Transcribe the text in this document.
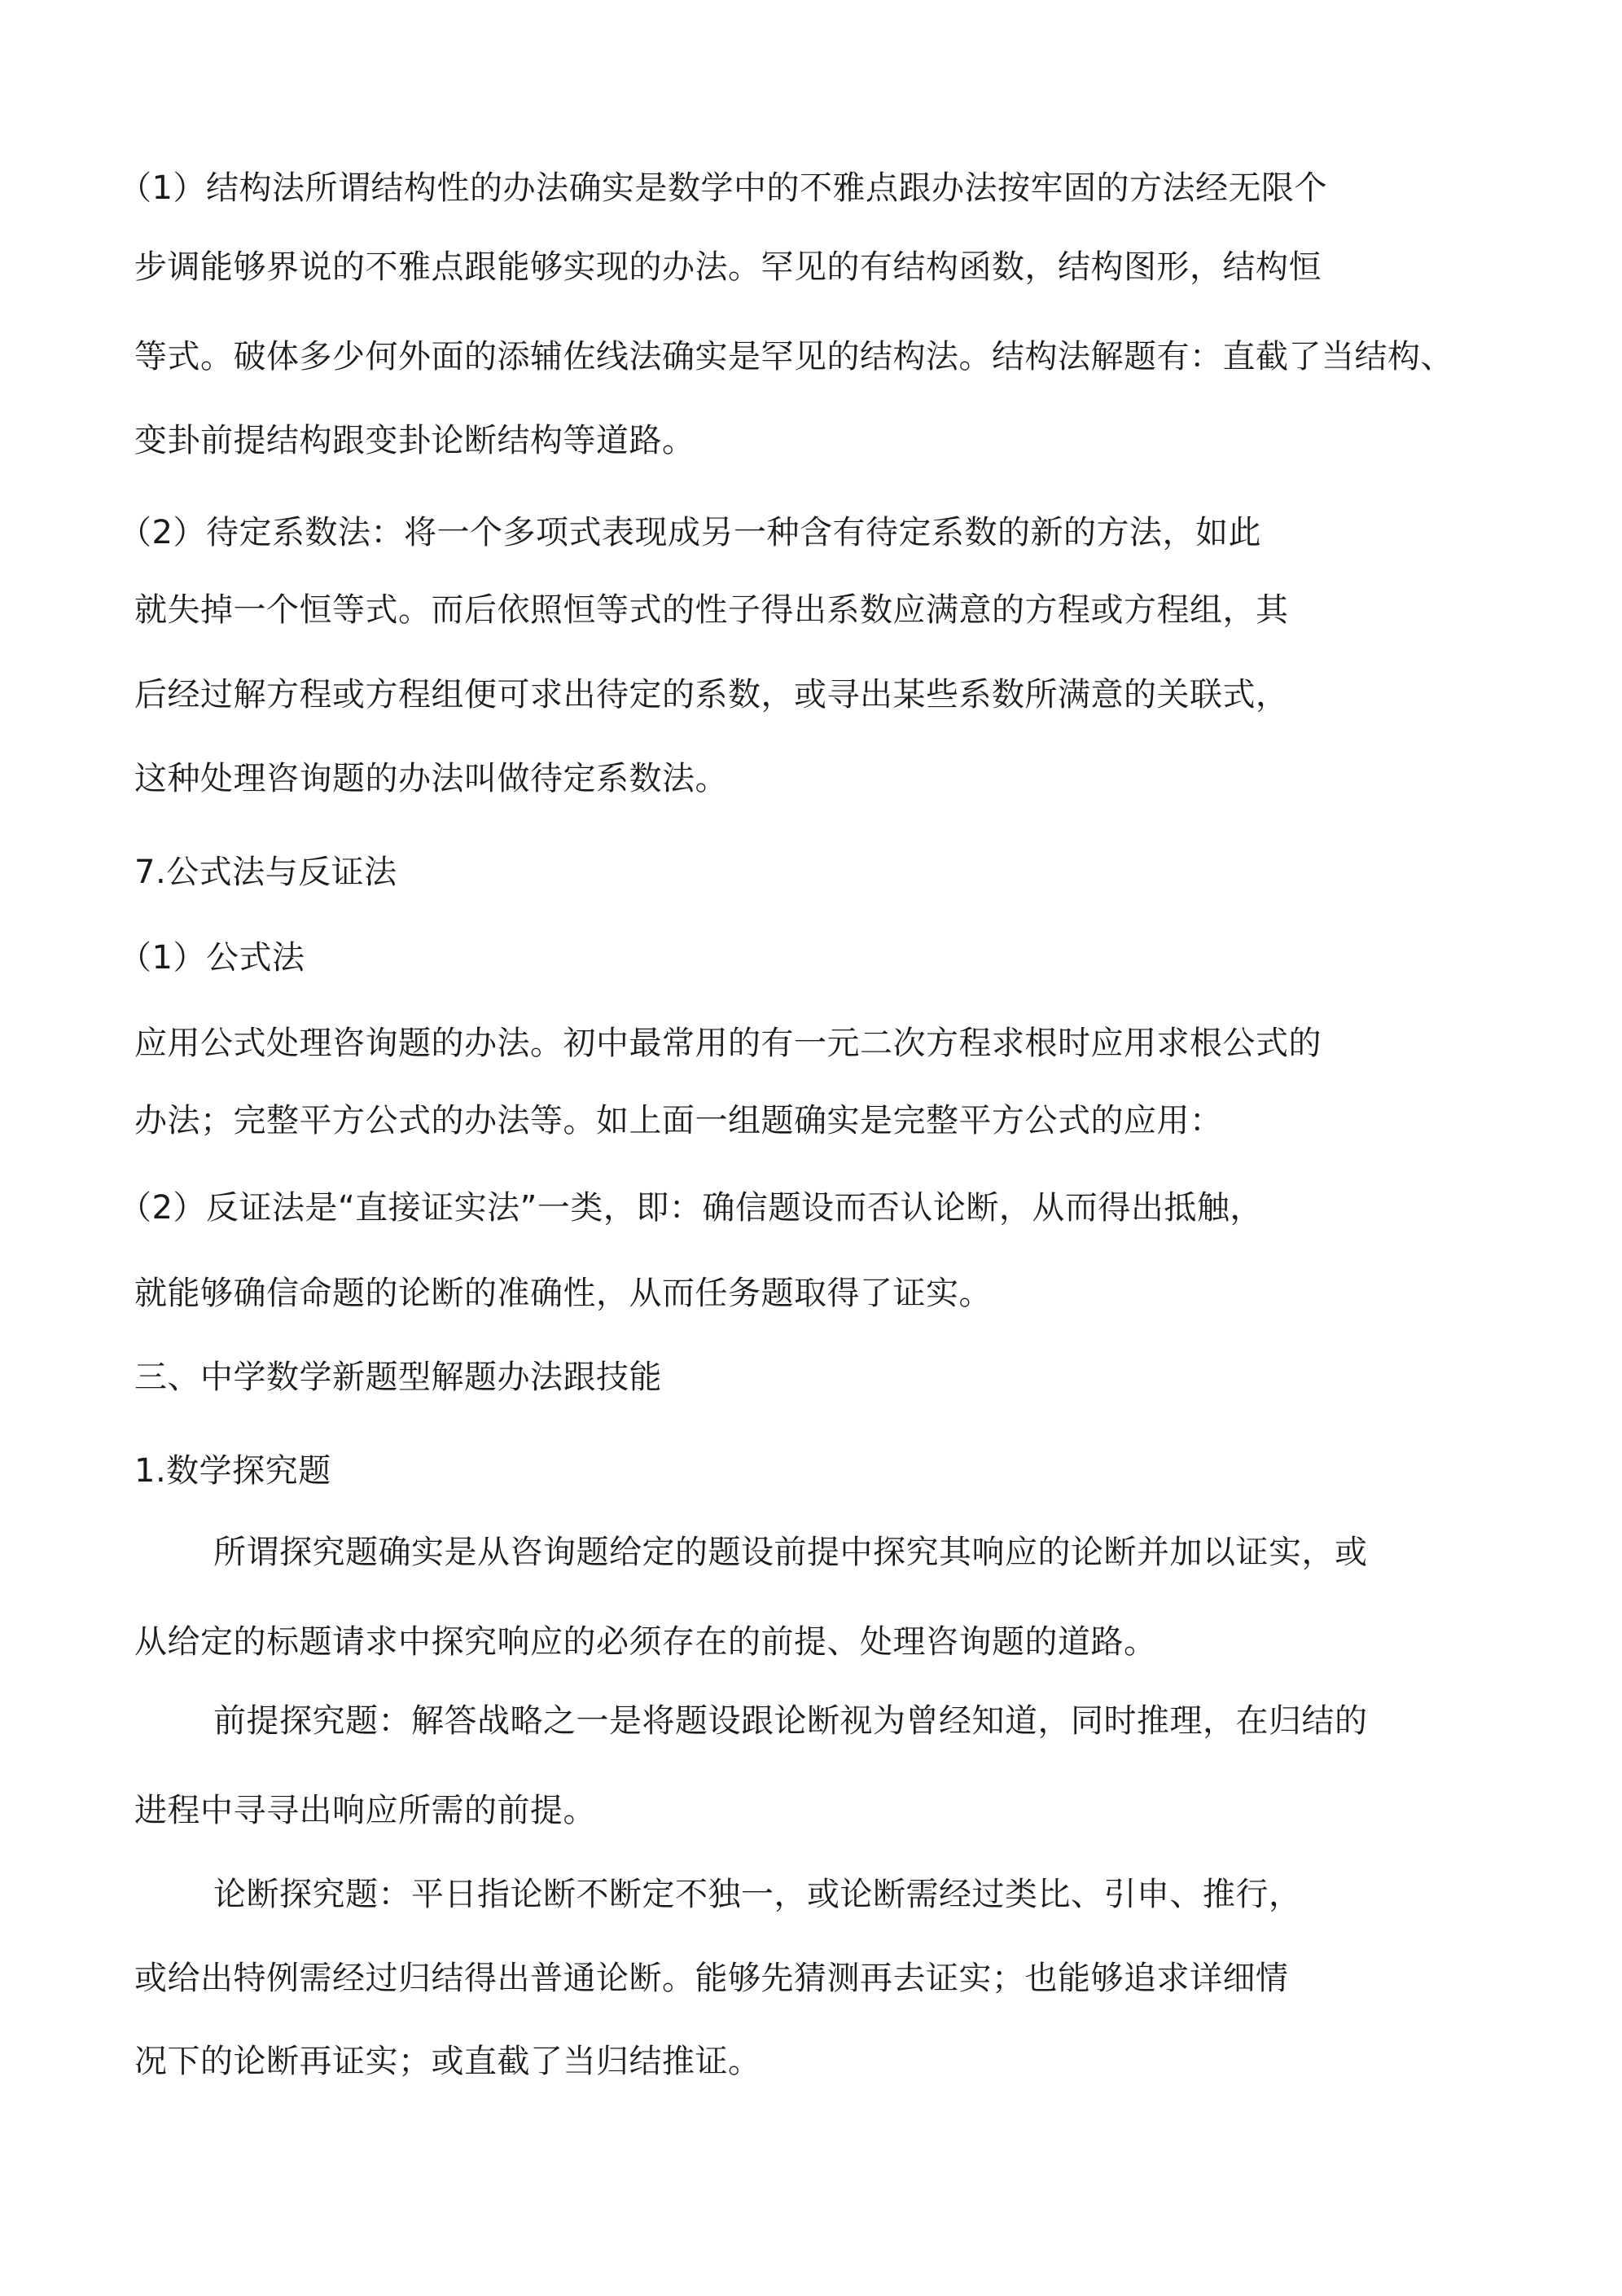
（1）结构法所谓结构性的办法确实是数学中的不雅点跟办法按牢固的方法经无限个
步调能够界说的不雅点跟能够实现的办法。罕见的有结构函数，结构图形，结构恒
等式。破体多少何外面的添辅佐线法确实是罕见的结构法。结构法解题有：直截了当结构、
变卦前提结构跟变卦论断结构等道路。
（2）待定系数法：将一个多项式表现成另一种含有待定系数的新的方法，如此
就失掉一个恒等式。而后依照恒等式的性子得出系数应满意的方程或方程组，其
后经过解方程或方程组便可求出待定的系数，或寻出某些系数所满意的关联式，
这种处理咨询题的办法叫做待定系数法。
7.公式法与反证法
（1）公式法
应用公式处理咨询题的办法。初中最常用的有一元二次方程求根时应用求根公式的
办法；完整平方公式的办法等。如上面一组题确实是完整平方公式的应用：
（2）反证法是“直接证实法”一类，即：确信题设而否认论断，从而得出抵触，
就能够确信命题的论断的准确性，从而任务题取得了证实。
三、中学数学新题型解题办法跟技能
1.数学探究题
所谓探究题确实是从咨询题给定的题设前提中探究其响应的论断并加以证实，或
从给定的标题请求中探究响应的必须存在的前提、处理咨询题的道路。
前提探究题：解答战略之一是将题设跟论断视为曾经知道，同时推理，在归结的
进程中寻寻出响应所需的前提。
论断探究题：平日指论断不断定不独一，或论断需经过类比、引申、推行，
或给出特例需经过归结得出普通论断。能够先猜测再去证实；也能够追求详细情
况下的论断再证实；或直截了当归结推证。
